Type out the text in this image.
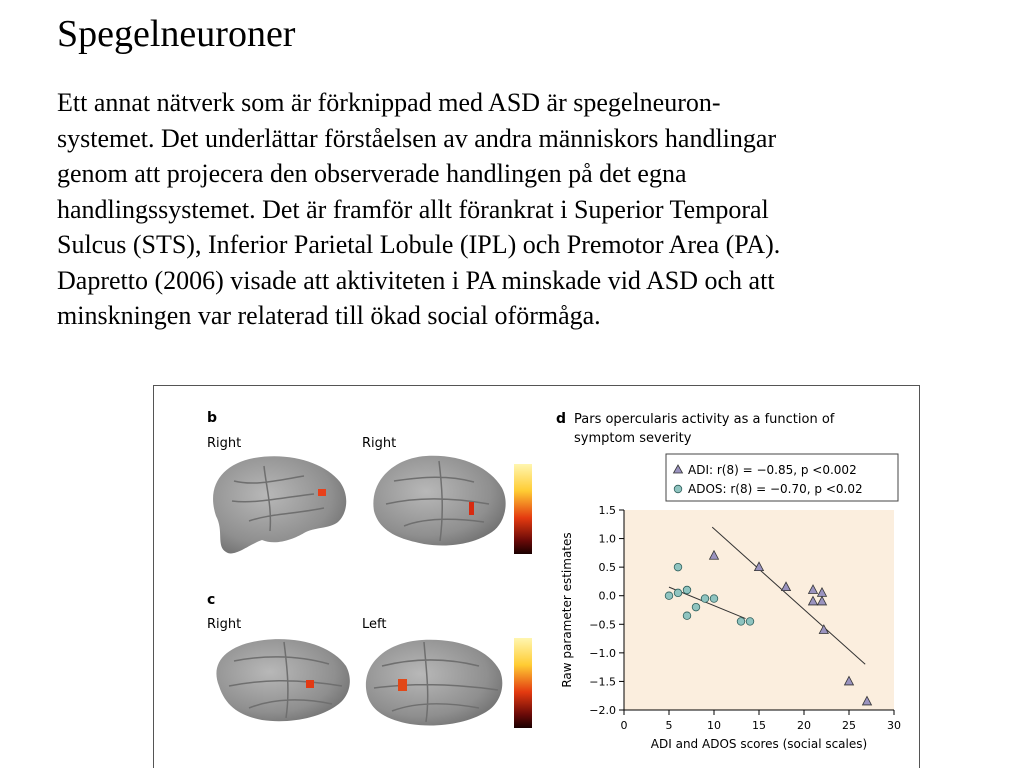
Spegelneuroner

Ett annat nätverk som är förknippad med ASD är spegelneuron-

systemet. Det underlättar förståelsen av andra människors handlingar

genom att projecera den observerade handlingen på det egna

handlingssystemet. Det är framför allt förankrat i Superior Temporal

Sulcus (STS), Inferior Parietal Lobule (IPL) och Premotor Area (PA).

Dapretto (2006) visade att aktiviteten i PA minskade vid ASD och att

minskningen var relaterad till ökad social oförmåga.

b
Right	Right
c
Right	Left
d Pars opercularis activity as a function of
symptom severity
1.5
1.0
0.5
0.0
−0.5
−1.0
−1.5
−2.0
0	5	10	15	20	25	30
ADI and ADOS scores (social scales)
Raw parameter estimates
ADI: r(8) = −0.85, p <0.002
ADOS: r(8) = −0.70, p <0.02
